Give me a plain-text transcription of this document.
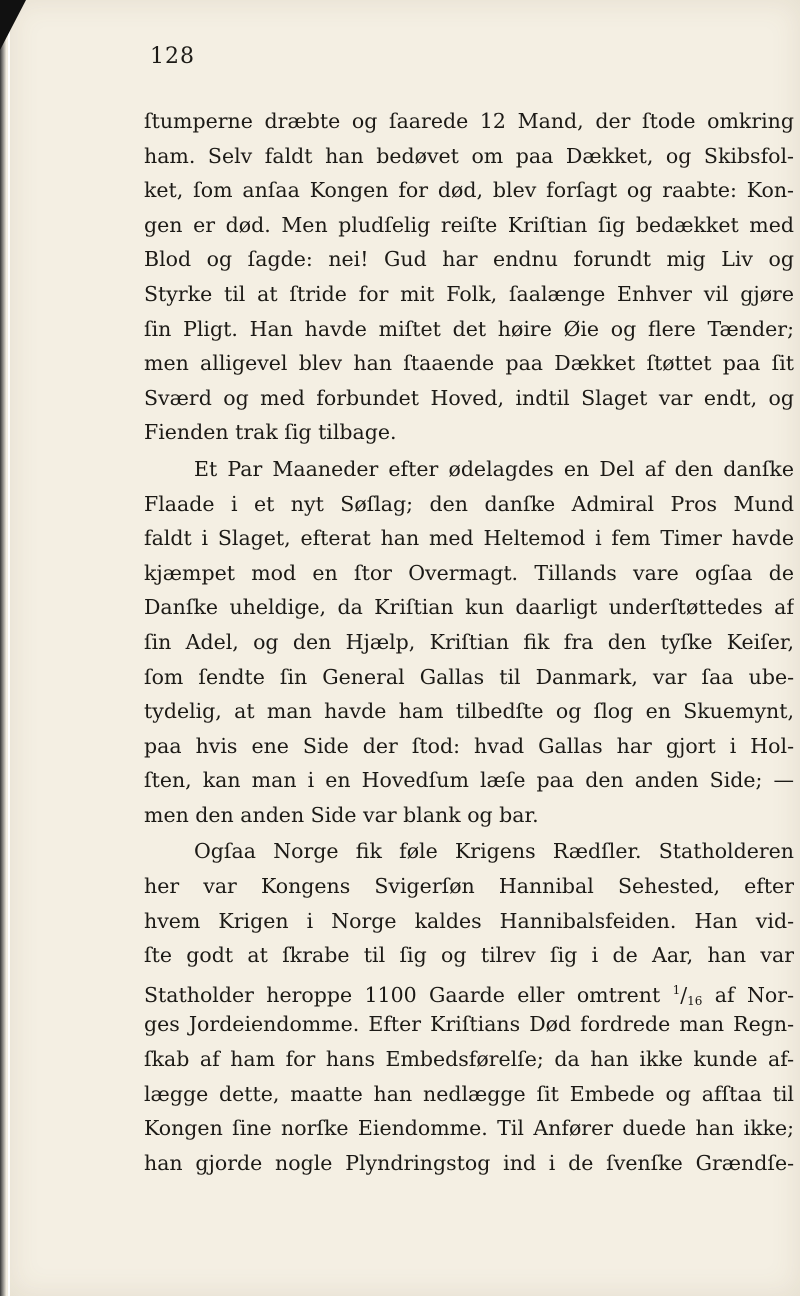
128
ſtumperne dræbte og ſaarede 12 Mand, der ſtode omkring
ham. Selv faldt han bedøvet om paa Dækket, og Skibsfol-
ket, ſom anſaa Kongen for død, blev forſagt og raabte: Kon-
gen er død. Men pludſelig reiſte Kriſtian ſig bedækket med
Blod og ſagde: nei! Gud har endnu forundt mig Liv og
Styrke til at ſtride for mit Folk, ſaalænge Enhver vil gjøre
ſin Pligt. Han havde miſtet det høire Øie og flere Tænder;
men alligevel blev han ſtaaende paa Dækket ſtøttet paa ſit
Sværd og med forbundet Hoved, indtil Slaget var endt, og
Fienden trak ſig tilbage.
Et Par Maaneder efter ødelagdes en Del af den danſke
Flaade i et nyt Søſlag; den danſke Admiral Pros Mund
faldt i Slaget, efterat han med Heltemod i fem Timer havde
kjæmpet mod en ſtor Overmagt. Tillands vare ogſaa de
Danſke uheldige, da Kriſtian kun daarligt underſtøttedes af
ſin Adel, og den Hjælp, Kriſtian fik fra den tyſke Keiſer,
ſom ſendte ſin General Gallas til Danmark, var ſaa ube-
tydelig, at man havde ham tilbedſte og ſlog en Skuemynt,
paa hvis ene Side der ſtod: hvad Gallas har gjort i Hol-
ſten, kan man i en Hovedſum læſe paa den anden Side; —
men den anden Side var blank og bar.
Ogſaa Norge fik føle Krigens Rædſler. Statholderen
her var Kongens Svigerſøn Hannibal Sehested, efter
hvem Krigen i Norge kaldes Hannibalsfeiden. Han vid-
ſte godt at ſkrabe til ſig og tilrev ſig i de Aar, han var
Statholder heroppe 1100 Gaarde eller omtrent $^1/_{16}$ af Nor-
ges Jordeiendomme. Efter Kriſtians Død fordrede man Regn-
ſkab af ham for hans Embedsførelſe; da han ikke kunde af-
lægge dette, maatte han nedlægge ſit Embede og afſtaa til
Kongen ſine norſke Eiendomme. Til Anfører duede han ikke;
han gjorde nogle Plyndringstog ind i de ſvenſke Grændſe-
